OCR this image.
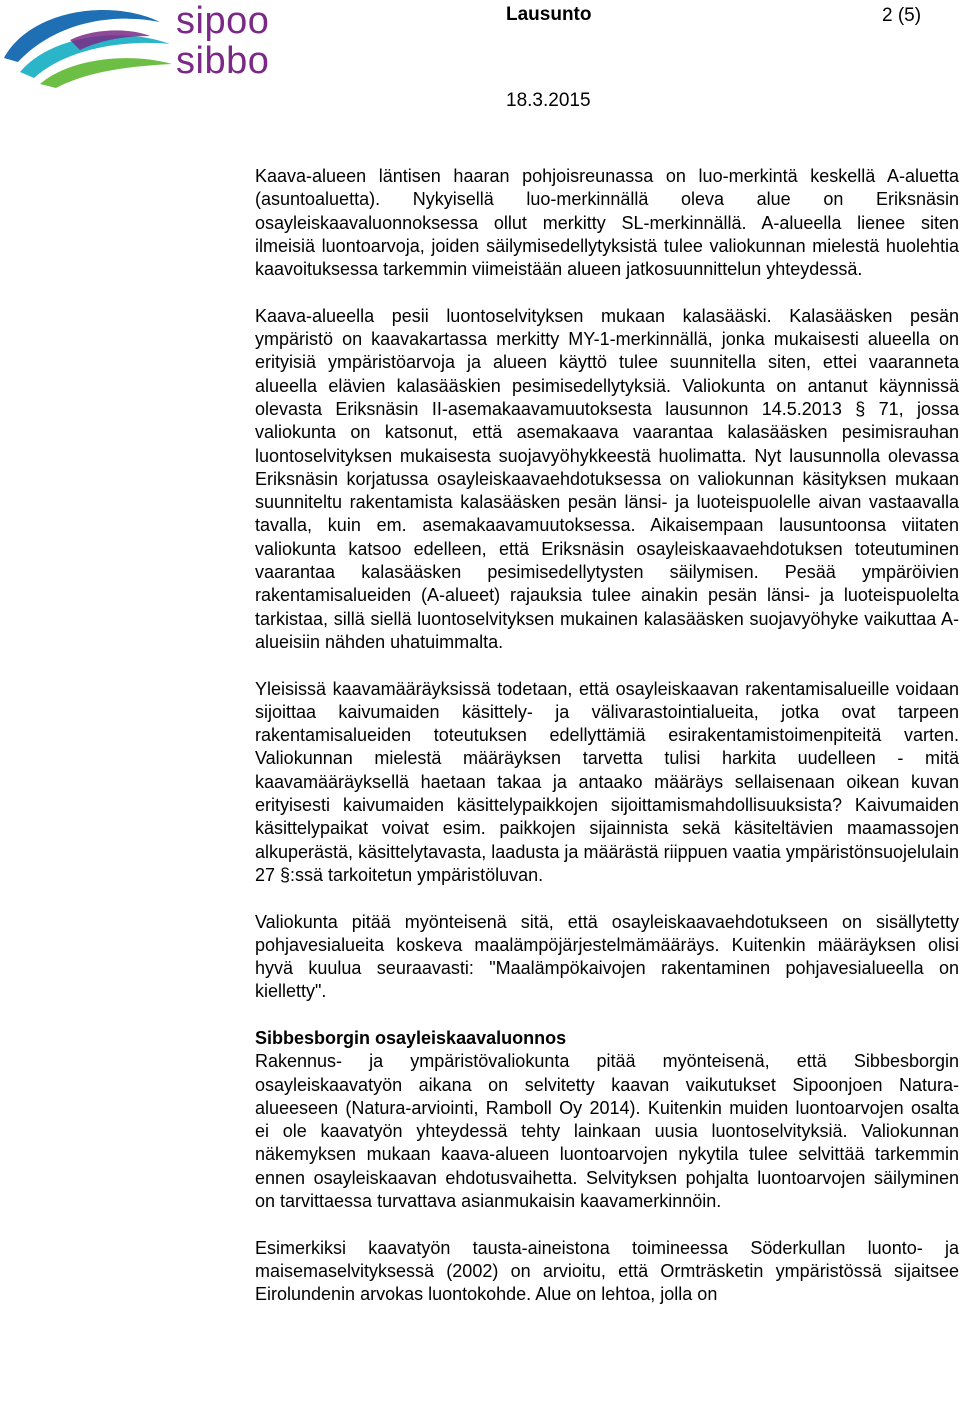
sipoo
sibbo
Lausunto	2 (5)
18.3.2015

Kaava-alueen läntisen haaran pohjoisreunassa on luo-merkintä keskellä A-aluetta (asuntoaluetta). Nykyisellä luo-merkinnällä oleva alue on Eriksnäsin osayleiskaavaluonnoksessa ollut merkitty SL-merkinnällä. A-alueella lienee siten ilmeisiä luontoarvoja, joiden säilymisedellytyksistä tulee valiokunnan mielestä huolehtia kaavoituksessa tarkemmin viimeistään alueen jatkosuunnittelun yhteydessä.

Kaava-alueella pesii luontoselvityksen mukaan kalasääski. Kalasääsken pesän ympäristö on kaavakartassa merkitty MY-1-merkinnällä, jonka mukaisesti alueella on erityisiä ympäristöarvoja ja alueen käyttö tulee suunnitella siten, ettei vaaranneta alueella elävien kalasääskien pesimisedellytyksiä. Valiokunta on antanut käynnissä olevasta Eriksnäsin II-asemakaavamuutoksesta lausunnon 14.5.2013 § 71, jossa valiokunta on katsonut, että asemakaava vaarantaa kalasääsken pesimisrauhan luontoselvityksen mukaisesta suojavyöhykkeestä huolimatta. Nyt lausunnolla olevassa Eriksnäsin korjatussa osayleiskaavaehdotuksessa on valiokunnan käsityksen mukaan suunniteltu rakentamista kalasääsken pesän länsi- ja luoteispuolelle aivan vastaavalla tavalla, kuin em. asemakaavamuutoksessa. Aikaisempaan lausuntoonsa viitaten valiokunta katsoo edelleen, että Eriksnäsin osayleiskaavaehdotuksen toteutuminen vaarantaa kalasääsken pesimisedellytysten säilymisen. Pesää ympäröivien rakentamisalueiden (A-alueet) rajauksia tulee ainakin pesän länsi- ja luoteispuolelta tarkistaa, sillä siellä luontoselvityksen mukainen kalasääsken suojavyöhyke vaikuttaa A-alueisiin nähden uhatuimmalta.

Yleisissä kaavamääräyksissä todetaan, että osayleiskaavan rakentamisalueille voidaan sijoittaa kaivumaiden käsittely- ja välivarastointialueita, jotka ovat tarpeen rakentamisalueiden toteutuksen edellyttämiä esirakentamistoimenpiteitä varten. Valiokunnan mielestä määräyksen tarvetta tulisi harkita uudelleen - mitä kaavamääräyksellä haetaan takaa ja antaako määräys sellaisenaan oikean kuvan erityisesti kaivumaiden käsittelypaikkojen sijoittamismahdollisuuksista? Kaivumaiden käsittelypaikat voivat esim. paikkojen sijainnista sekä käsiteltävien maamassojen alkuperästä, käsittelytavasta, laadusta ja määrästä riippuen vaatia ympäristönsuojelulain 27 §:ssä tarkoitetun ympäristöluvan.

Valiokunta pitää myönteisenä sitä, että osayleiskaavaehdotukseen on sisällytetty pohjavesialueita koskeva maalämpöjärjestelmämääräys. Kuitenkin määräyksen olisi hyvä kuulua seuraavasti: "Maalämpökaivojen rakentaminen pohjavesialueella on kielletty".

Sibbesborgin osayleiskaavaluonnos

Rakennus- ja ympäristövaliokunta pitää myönteisenä, että Sibbesborgin osayleiskaavatyön aikana on selvitetty kaavan vaikutukset Sipoonjoen Natura-alueeseen (Natura-arviointi, Ramboll Oy 2014). Kuitenkin muiden luontoarvojen osalta ei ole kaavatyön yhteydessä tehty lainkaan uusia luontoselvityksiä. Valiokunnan näkemyksen mukaan kaava-alueen luontoarvojen nykytila tulee selvittää tarkemmin ennen osayleiskaavan ehdotusvaihetta. Selvityksen pohjalta luontoarvojen säilyminen on tarvittaessa turvattava asianmukaisin kaavamerkinnöin.

Esimerkiksi kaavatyön tausta-aineistona toimineessa Söderkullan luonto- ja maisemaselvityksessä (2002) on arvioitu, että Ormträsketin ympäristössä sijaitsee Eirolundenin arvokas luontokohde. Alue on lehtoa, jolla on
